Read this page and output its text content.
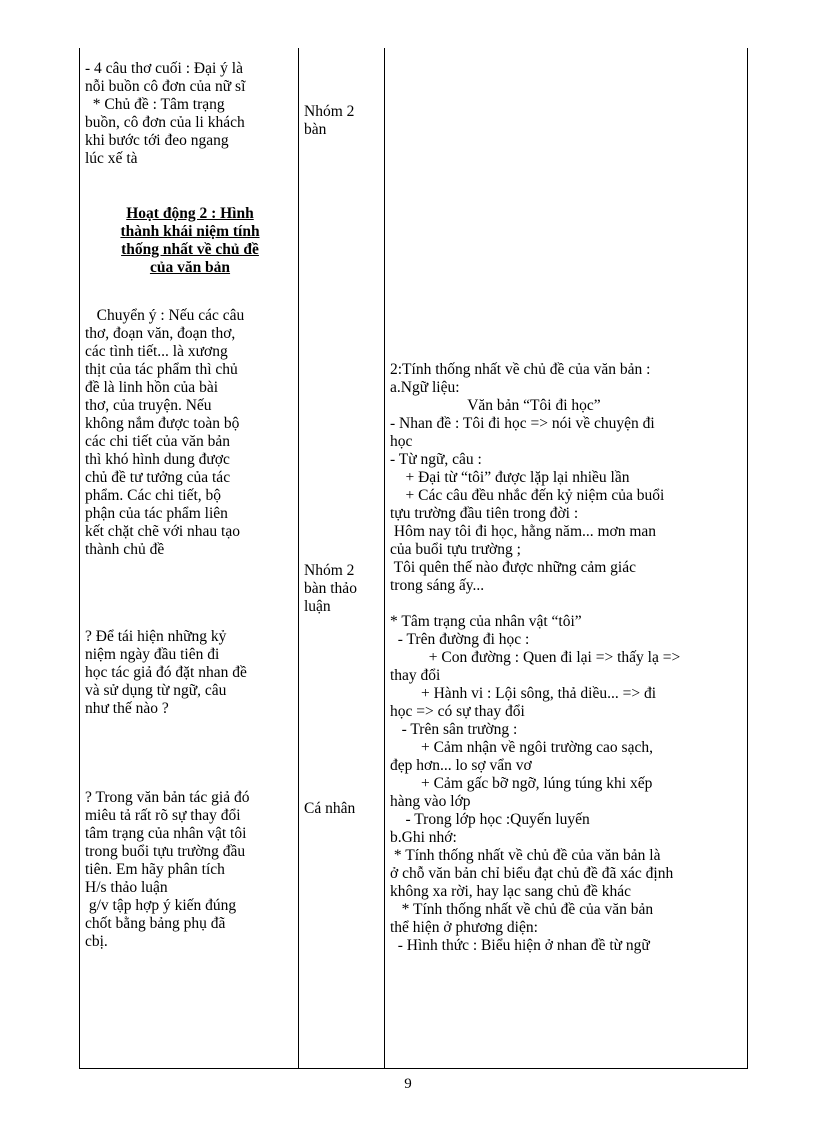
- 4 câu thơ cuối : Đại ý là
nỗi buồn cô đơn của nữ sĩ
* Chủ đề : Tâm trạng
buồn, cô đơn của li khách
khi bước tới đeo ngang
lúc xế tà
Hoạt động 2 : Hình
thành khái niệm tính
thống nhất về chủ đề
của văn bản
Chuyển ý : Nếu các câu
thơ, đoạn văn, đoạn thơ,
các tình tiết... là xương
thịt của tác phẩm thì chủ
đề là linh hồn của bài
thơ, của truyện. Nếu
không nắm được toàn bộ
các chi tiết của văn bản
thì khó hình dung được
chủ đề tư tưởng của tác
phẩm. Các chi tiết, bộ
phận của tác phẩm liên
kết chặt chẽ với nhau tạo
thành chủ đề
? Để tái hiện những kỷ
niệm ngày đầu tiên đi
học tác giả đó đặt nhan đề
và sử dụng từ ngữ, câu
như thế nào ?
? Trong văn bản tác giả đó
miêu tả rất rõ sự thay đổi
tâm trạng của nhân vật tôi
trong buổi tựu trường đầu
tiên. Em hãy phân tích
H/s thảo luận
g/v tập hợp ý kiến đúng
chốt bằng bảng phụ đã
cbị.
Nhóm 2
bàn
Nhóm 2
bàn thảo
luận
Cá nhân
2:Tính thống nhất về chủ đề của văn bản :
a.Ngữ liệu:
Văn bản “Tôi đi học”
- Nhan đề : Tôi đi học => nói về chuyện đi
học
- Từ ngữ, câu :
+ Đại từ “tôi” được lặp lại nhiều lần
+ Các câu đều nhắc đến kỷ niệm của buổi
tựu trường đầu tiên trong đời :
Hôm nay tôi đi học, hằng năm... mơn man
của buổi tựu trường ;
Tôi quên thế nào được những cảm giác
trong sáng ấy...

* Tâm trạng của nhân vật “tôi”
- Trên đường đi học :
+ Con đường : Quen đi lại => thấy lạ =>
thay đổi
+ Hành vi : Lội sông, thả diều... => đi
học => có sự thay đổi
- Trên sân trường :
+ Cảm nhận về ngôi trường cao sạch,
đẹp hơn... lo sợ vẩn vơ
+ Cảm gấc bỡ ngỡ, lúng túng khi xếp
hàng vào lớp
- Trong lớp học :Quyến luyến
b.Ghi nhớ:
* Tính thống nhất về chủ đề của văn bản là
ở chỗ văn bản chỉ biểu đạt chủ đề đã xác định
không xa rời, hay lạc sang chủ đề khác
* Tính thống nhất về chủ đề của văn bản
thể hiện ở phương diện:
- Hình thức : Biểu hiện ở nhan đề từ ngữ
9
